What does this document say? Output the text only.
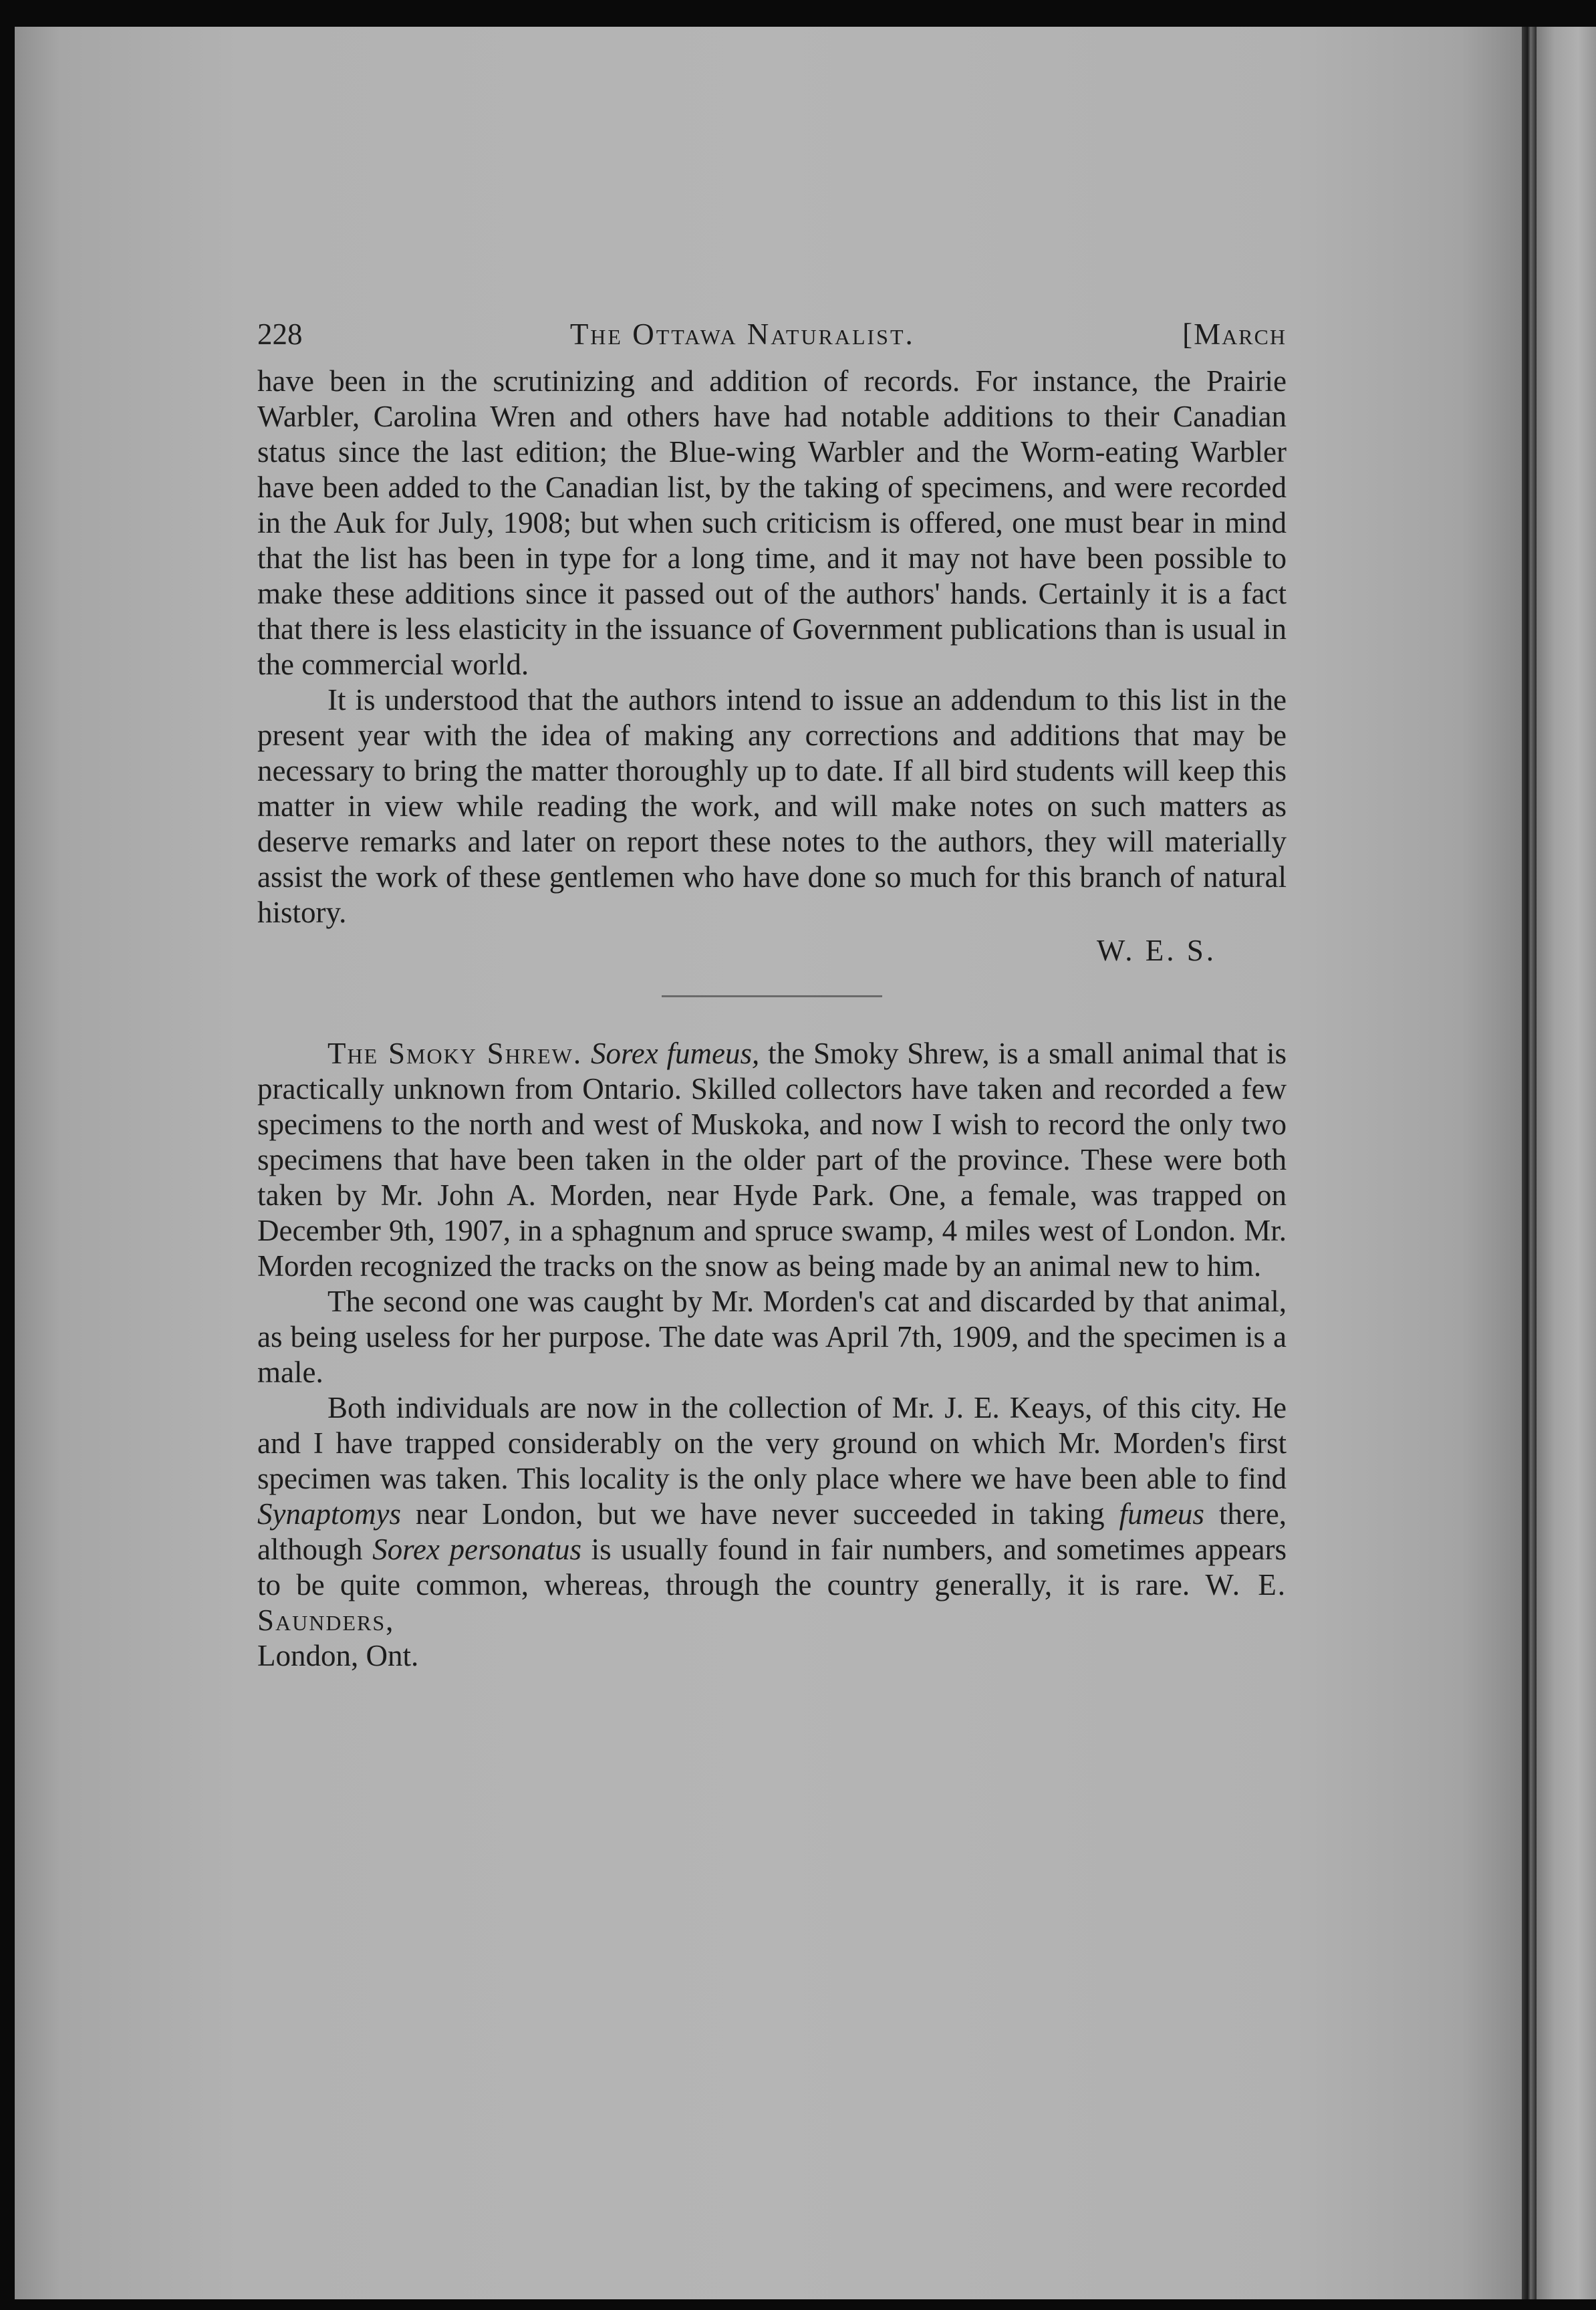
228	The Ottawa Naturalist.	[March

have been in the scrutinizing and addition of records. For instance, the Prairie Warbler, Carolina Wren and others have had notable additions to their Canadian status since the last edition; the Blue-wing Warbler and the Worm-eating Warbler have been added to the Canadian list, by the taking of specimens, and were recorded in the Auk for July, 1908; but when such criticism is offered, one must bear in mind that the list has been in type for a long time, and it may not have been possible to make these additions since it passed out of the authors' hands. Certainly it is a fact that there is less elasticity in the issuance of Government publications than is usual in the commercial world.

It is understood that the authors intend to issue an addendum to this list in the present year with the idea of making any corrections and additions that may be necessary to bring the matter thoroughly up to date. If all bird students will keep this matter in view while reading the work, and will make notes on such matters as deserve remarks and later on report these notes to the authors, they will materially assist the work of these gentlemen who have done so much for this branch of natural history.

W. E. S.

The Smoky Shrew. Sorex fumeus, the Smoky Shrew, is a small animal that is practically unknown from Ontario. Skilled collectors have taken and recorded a few specimens to the north and west of Muskoka, and now I wish to record the only two specimens that have been taken in the older part of the province. These were both taken by Mr. John A. Morden, near Hyde Park. One, a female, was trapped on December 9th, 1907, in a sphagnum and spruce swamp, 4 miles west of London. Mr. Morden recognized the tracks on the snow as being made by an animal new to him.

The second one was caught by Mr. Morden's cat and discarded by that animal, as being useless for her purpose. The date was April 7th, 1909, and the specimen is a male.

Both individuals are now in the collection of Mr. J. E. Keays, of this city. He and I have trapped considerably on the very ground on which Mr. Morden's first specimen was taken. This locality is the only place where we have been able to find Synaptomys near London, but we have never succeeded in taking fumeus there, although Sorex personatus is usually found in fair numbers, and sometimes appears to be quite common, whereas, through the country generally, it is rare. W. E. Saunders,

London, Ont.
